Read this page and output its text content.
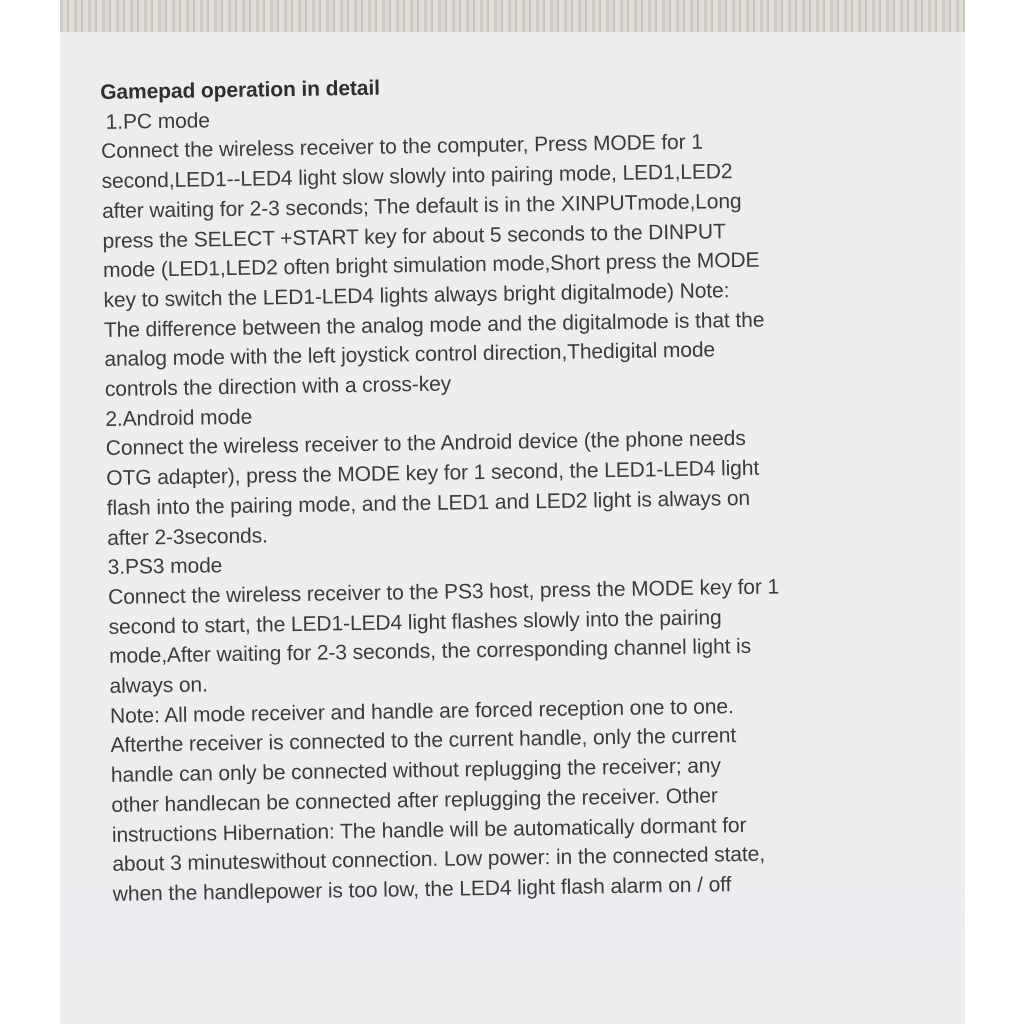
Gamepad operation in detail
1.PC mode
Connect the wireless receiver to the computer, Press MODE for 1
second,LED1--LED4 light slow slowly into pairing mode, LED1,LED2
after waiting for 2-3 seconds; The default is in the XINPUTmode,Long
press the SELECT +START key for about 5 seconds to the DINPUT
mode (LED1,LED2 often bright simulation mode,Short press the MODE
key to switch the LED1-LED4 lights always bright digitalmode) Note:
The difference between the analog mode and the digitalmode is that the
analog mode with the left joystick control direction,Thedigital mode
controls the direction with a cross-key
2.Android mode
Connect the wireless receiver to the Android device (the phone needs
OTG adapter), press the MODE key for 1 second, the LED1-LED4 light
flash into the pairing mode, and the LED1 and LED2 light is always on
after 2-3seconds.
3.PS3 mode
Connect the wireless receiver to the PS3 host, press the MODE key for 1
second to start, the LED1-LED4 light flashes slowly into the pairing
mode,After waiting for 2-3 seconds, the corresponding channel light is
always on.
Note: All mode receiver and handle are forced reception one to one.
Afterthe receiver is connected to the current handle, only the current
handle can only be connected without replugging the receiver; any
other handlecan be connected after replugging the receiver. Other
instructions Hibernation: The handle will be automatically dormant for
about 3 minuteswithout connection. Low power: in the connected state,
when the handlepower is too low, the LED4 light flash alarm on / off
